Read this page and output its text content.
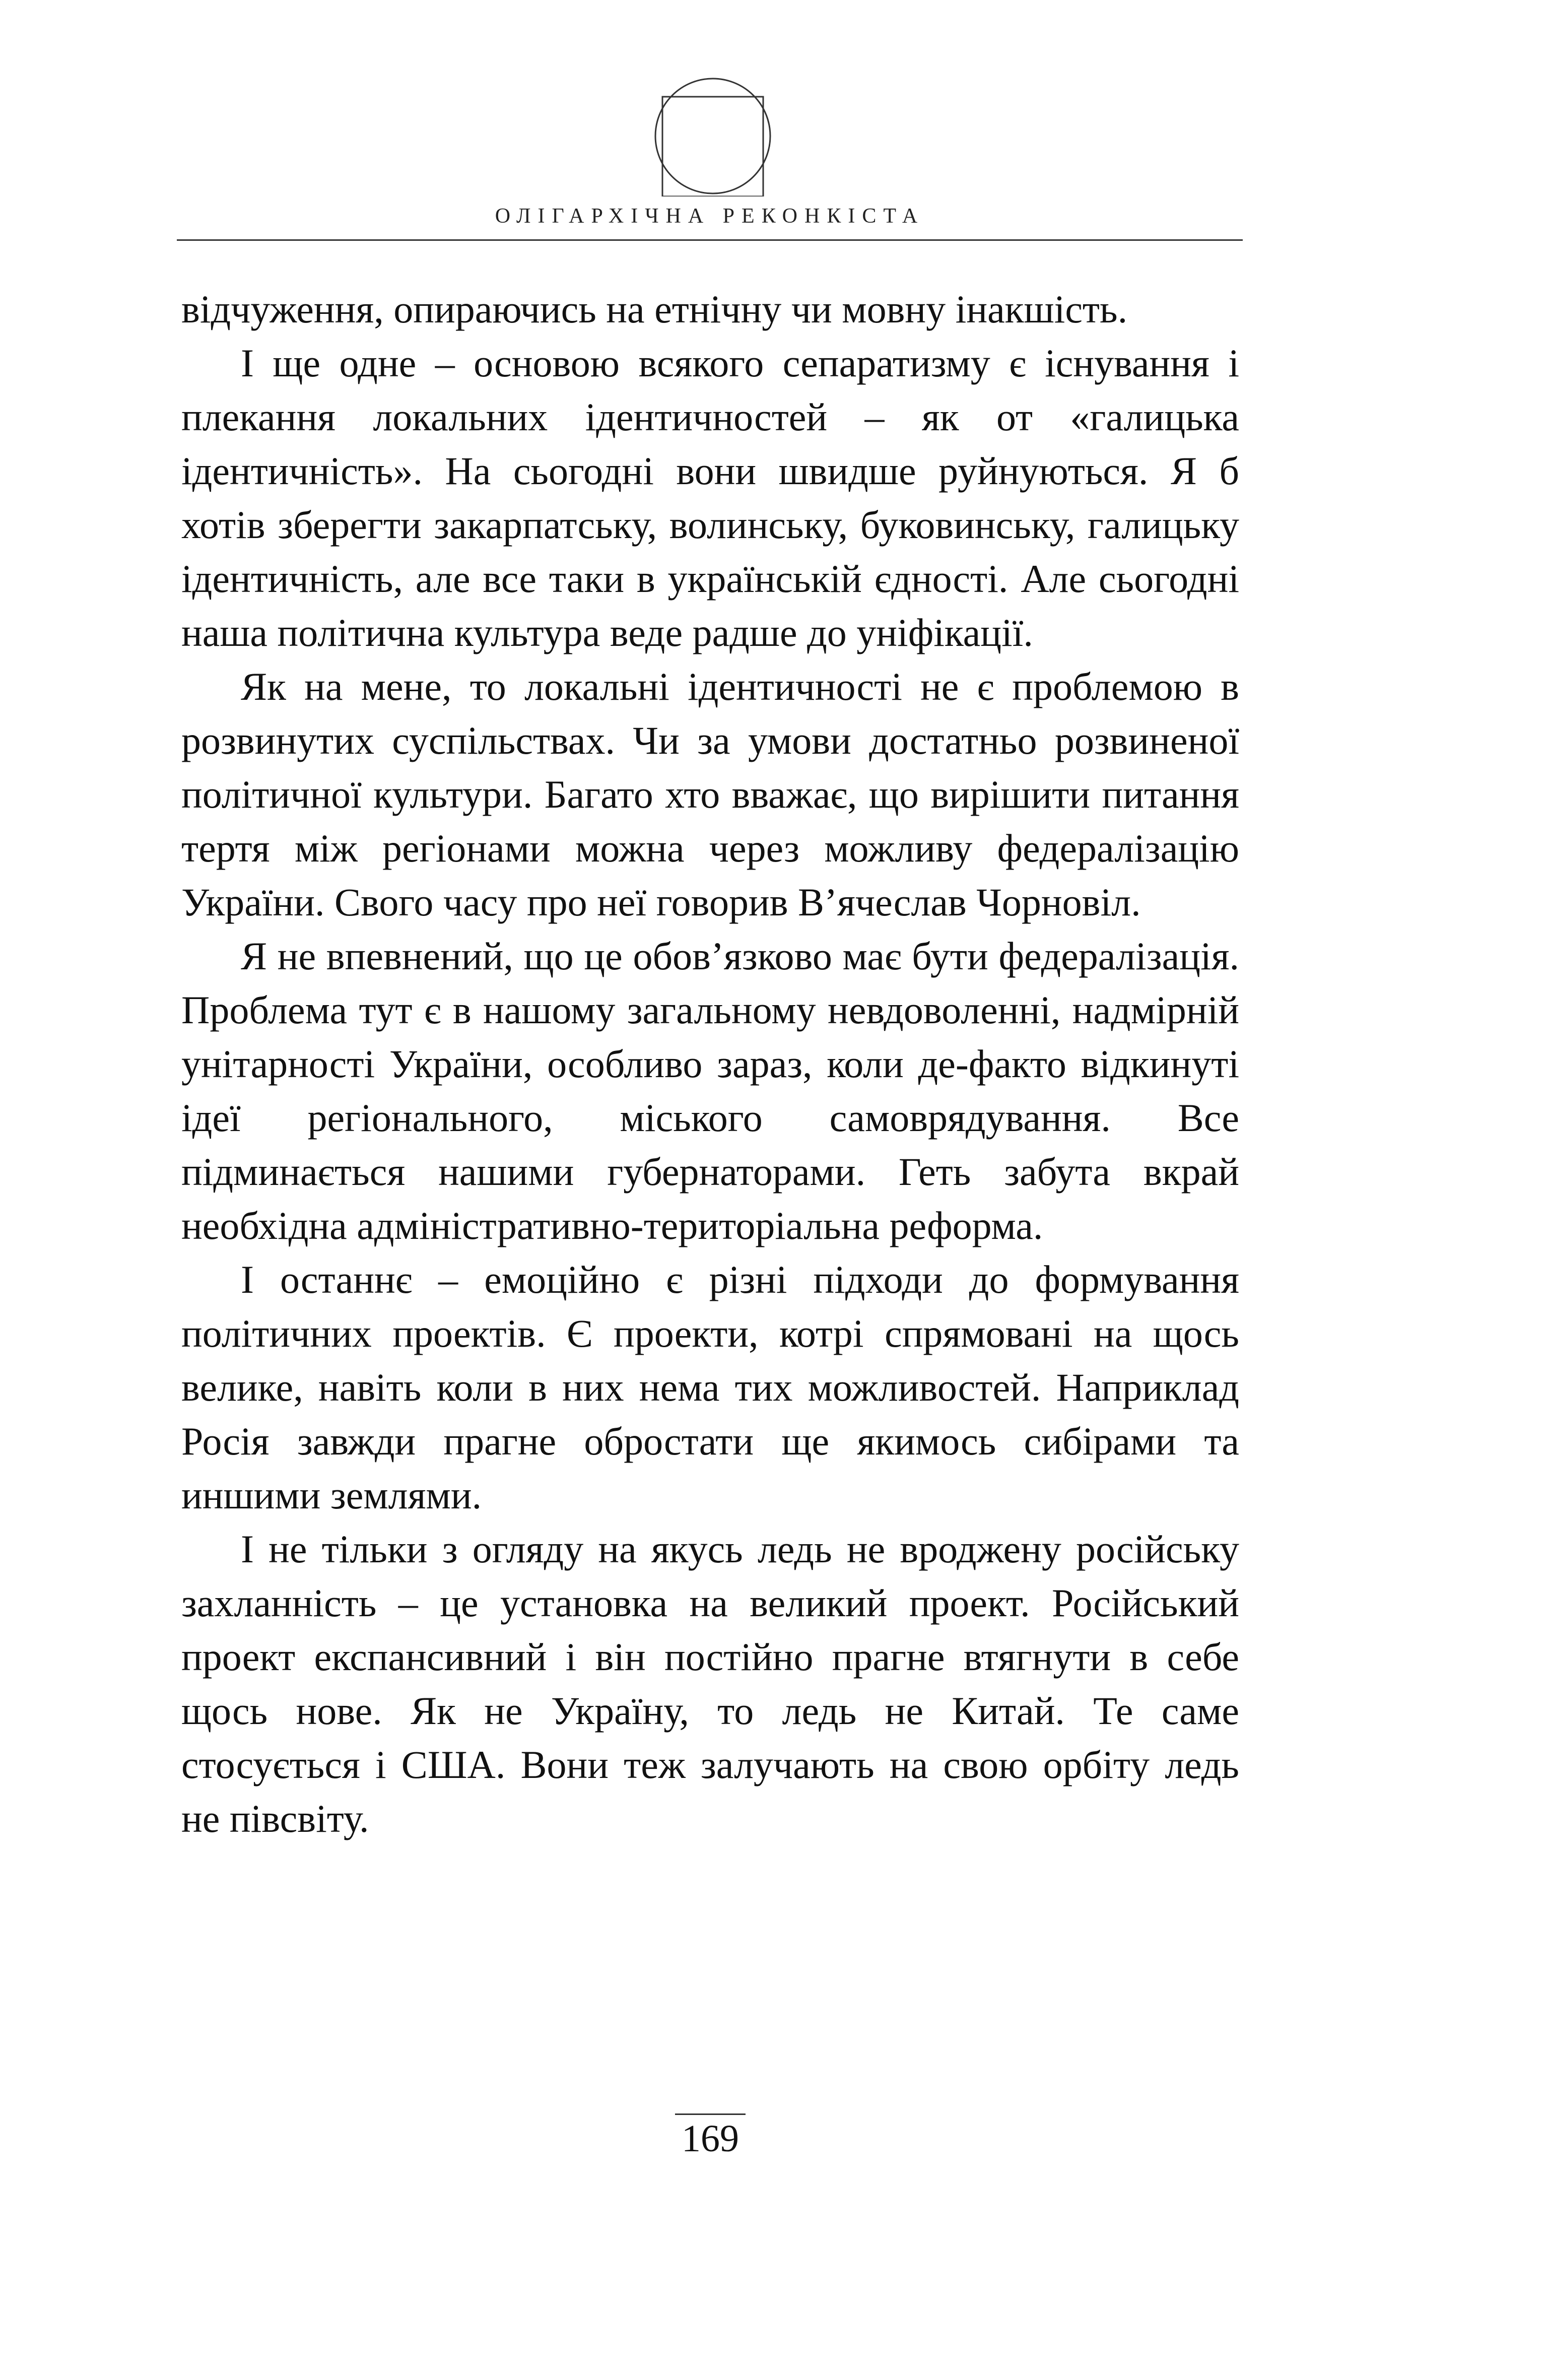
ОЛІГАРХІЧНА РЕКОНКІСТА

відчуження, опираючись на етнічну чи мовну інакшість.

І ще одне – основою всякого сепаратизму є існування і плекання локальних ідентичностей – як от «галицька ідентичність». На сьогодні вони швидше руйнуються. Я б хотів зберегти закарпатську, волинську, буковинську, галицьку ідентичність, але все таки в українській єдності. Але сьогодні наша політична культура веде радше до уніфікації.

Як на мене, то локальні ідентичності не є проблемою в розвинутих суспільствах. Чи за умови достатньо розвиненої політичної культури. Багато хто вважає, що вирішити питання тертя між регіонами можна через можливу федералізацію України. Свого часу про неї говорив В’ячеслав Чорновіл.

Я не впевнений, що це обов’язково має бути федералізація. Проблема тут є в нашому загальному невдоволенні, надмірній унітарності України, особливо зараз, коли де-факто відкинуті ідеї регіонального, міського самоврядування. Все підминається нашими губернаторами. Геть забута вкрай необхідна адміністративно-територіальна реформа.

І останнє – емоційно є різні підходи до формування політичних проектів. Є проекти, котрі спрямовані на щось велике, навіть коли в них нема тих можливостей. Наприклад Росія завжди прагне обростати ще якимось сибірами та иншими землями.

І не тільки з огляду на якусь ледь не вроджену російську захланність – це установка на великий проект. Російський проект експансивний і він постійно прагне втягнути в себе щось нове. Як не Україну, то ледь не Китай. Те саме стосується і США. Вони теж залучають на свою орбіту ледь не півсвіту.

169
